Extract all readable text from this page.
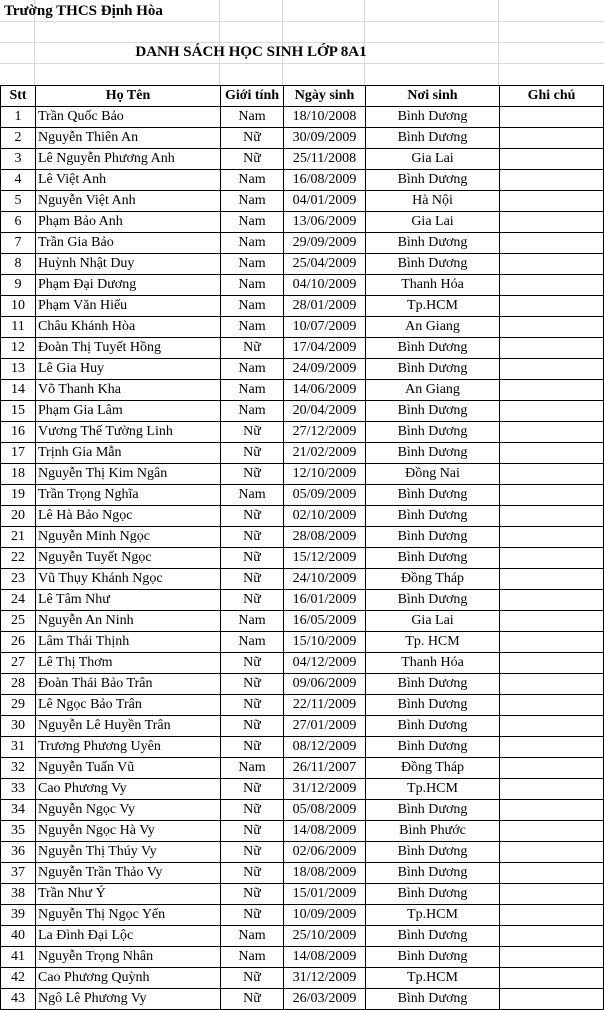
Trường THCS Định Hòa
DANH SÁCH HỌC SINH LỚP 8A1
Stt	Họ Tên	Giới tính	Ngày sinh	Nơi sinh	Ghi chú
1	Trần Quốc Bảo	Nam	18/10/2008	Bình Dương	
2	Nguyễn Thiên An	Nữ	30/09/2009	Bình Dương	
3	Lê Nguyễn Phương Anh	Nữ	25/11/2008	Gia Lai	
4	Lê Việt Anh	Nam	16/08/2009	Bình Dương	
5	Nguyễn Việt Anh	Nam	04/01/2009	Hà Nội	
6	Phạm Bảo Anh	Nam	13/06/2009	Gia Lai	
7	Trần Gia Bảo	Nam	29/09/2009	Bình Dương	
8	Huỳnh Nhật Duy	Nam	25/04/2009	Bình Dương	
9	Phạm Đại Dương	Nam	04/10/2009	Thanh Hóa	
10	Phạm Văn Hiếu	Nam	28/01/2009	Tp.HCM	
11	Châu Khánh Hòa	Nam	10/07/2009	An Giang	
12	Đoàn Thị Tuyết Hồng	Nữ	17/04/2009	Bình Dương	
13	Lê Gia Huy	Nam	24/09/2009	Bình Dương	
14	Võ Thanh Kha	Nam	14/06/2009	An Giang	
15	Phạm Gia Lâm	Nam	20/04/2009	Bình Dương	
16	Vương Thế Tường Linh	Nữ	27/12/2009	Bình Dương	
17	Trịnh Gia Mẫn	Nữ	21/02/2009	Bình Dương	
18	Nguyễn Thị Kim Ngân	Nữ	12/10/2009	Đồng Nai	
19	Trần Trọng Nghĩa	Nam	05/09/2009	Bình Dương	
20	Lê Hà Bảo Ngọc	Nữ	02/10/2009	Bình Dương	
21	Nguyễn Minh Ngọc	Nữ	28/08/2009	Bình Dương	
22	Nguyễn Tuyết Ngọc	Nữ	15/12/2009	Bình Dương	
23	Vũ Thụy Khánh Ngọc	Nữ	24/10/2009	Đồng Tháp	
24	Lê Tâm Như	Nữ	16/01/2009	Bình Dương	
25	Nguyễn An Ninh	Nam	16/05/2009	Gia Lai	
26	Lâm Thái Thịnh	Nam	15/10/2009	Tp. HCM	
27	Lê Thị Thơm	Nữ	04/12/2009	Thanh Hóa	
28	Đoàn Thái Bảo Trân	Nữ	09/06/2009	Bình Dương	
29	Lê Ngọc Bảo Trân	Nữ	22/11/2009	Bình Dương	
30	Nguyễn Lê Huyền Trân	Nữ	27/01/2009	Bình Dương	
31	Trương Phương Uyên	Nữ	08/12/2009	Bình Dương	
32	Nguyễn Tuấn Vũ	Nam	26/11/2007	Đồng Tháp	
33	Cao Phương Vy	Nữ	31/12/2009	Tp.HCM	
34	Nguyễn Ngọc Vy	Nữ	05/08/2009	Bình Dương	
35	Nguyễn Ngọc Hà Vy	Nữ	14/08/2009	Bình Phước	
36	Nguyễn Thị Thúy Vy	Nữ	02/06/2009	Bình Dương	
37	Nguyễn Trần Thảo Vy	Nữ	18/08/2009	Bình Dương	
38	Trần Như Ý	Nữ	15/01/2009	Bình Dương	
39	Nguyễn Thị Ngọc Yến	Nữ	10/09/2009	Tp.HCM	
40	La Đình Đại Lộc	Nam	25/10/2009	Bình Dương	
41	Nguyễn Trọng Nhân	Nam	14/08/2009	Bình Dương	
42	Cao Phương Quỳnh	Nữ	31/12/2009	Tp.HCM	
43	Ngô Lê Phương Vy	Nữ	26/03/2009	Bình Dương	
